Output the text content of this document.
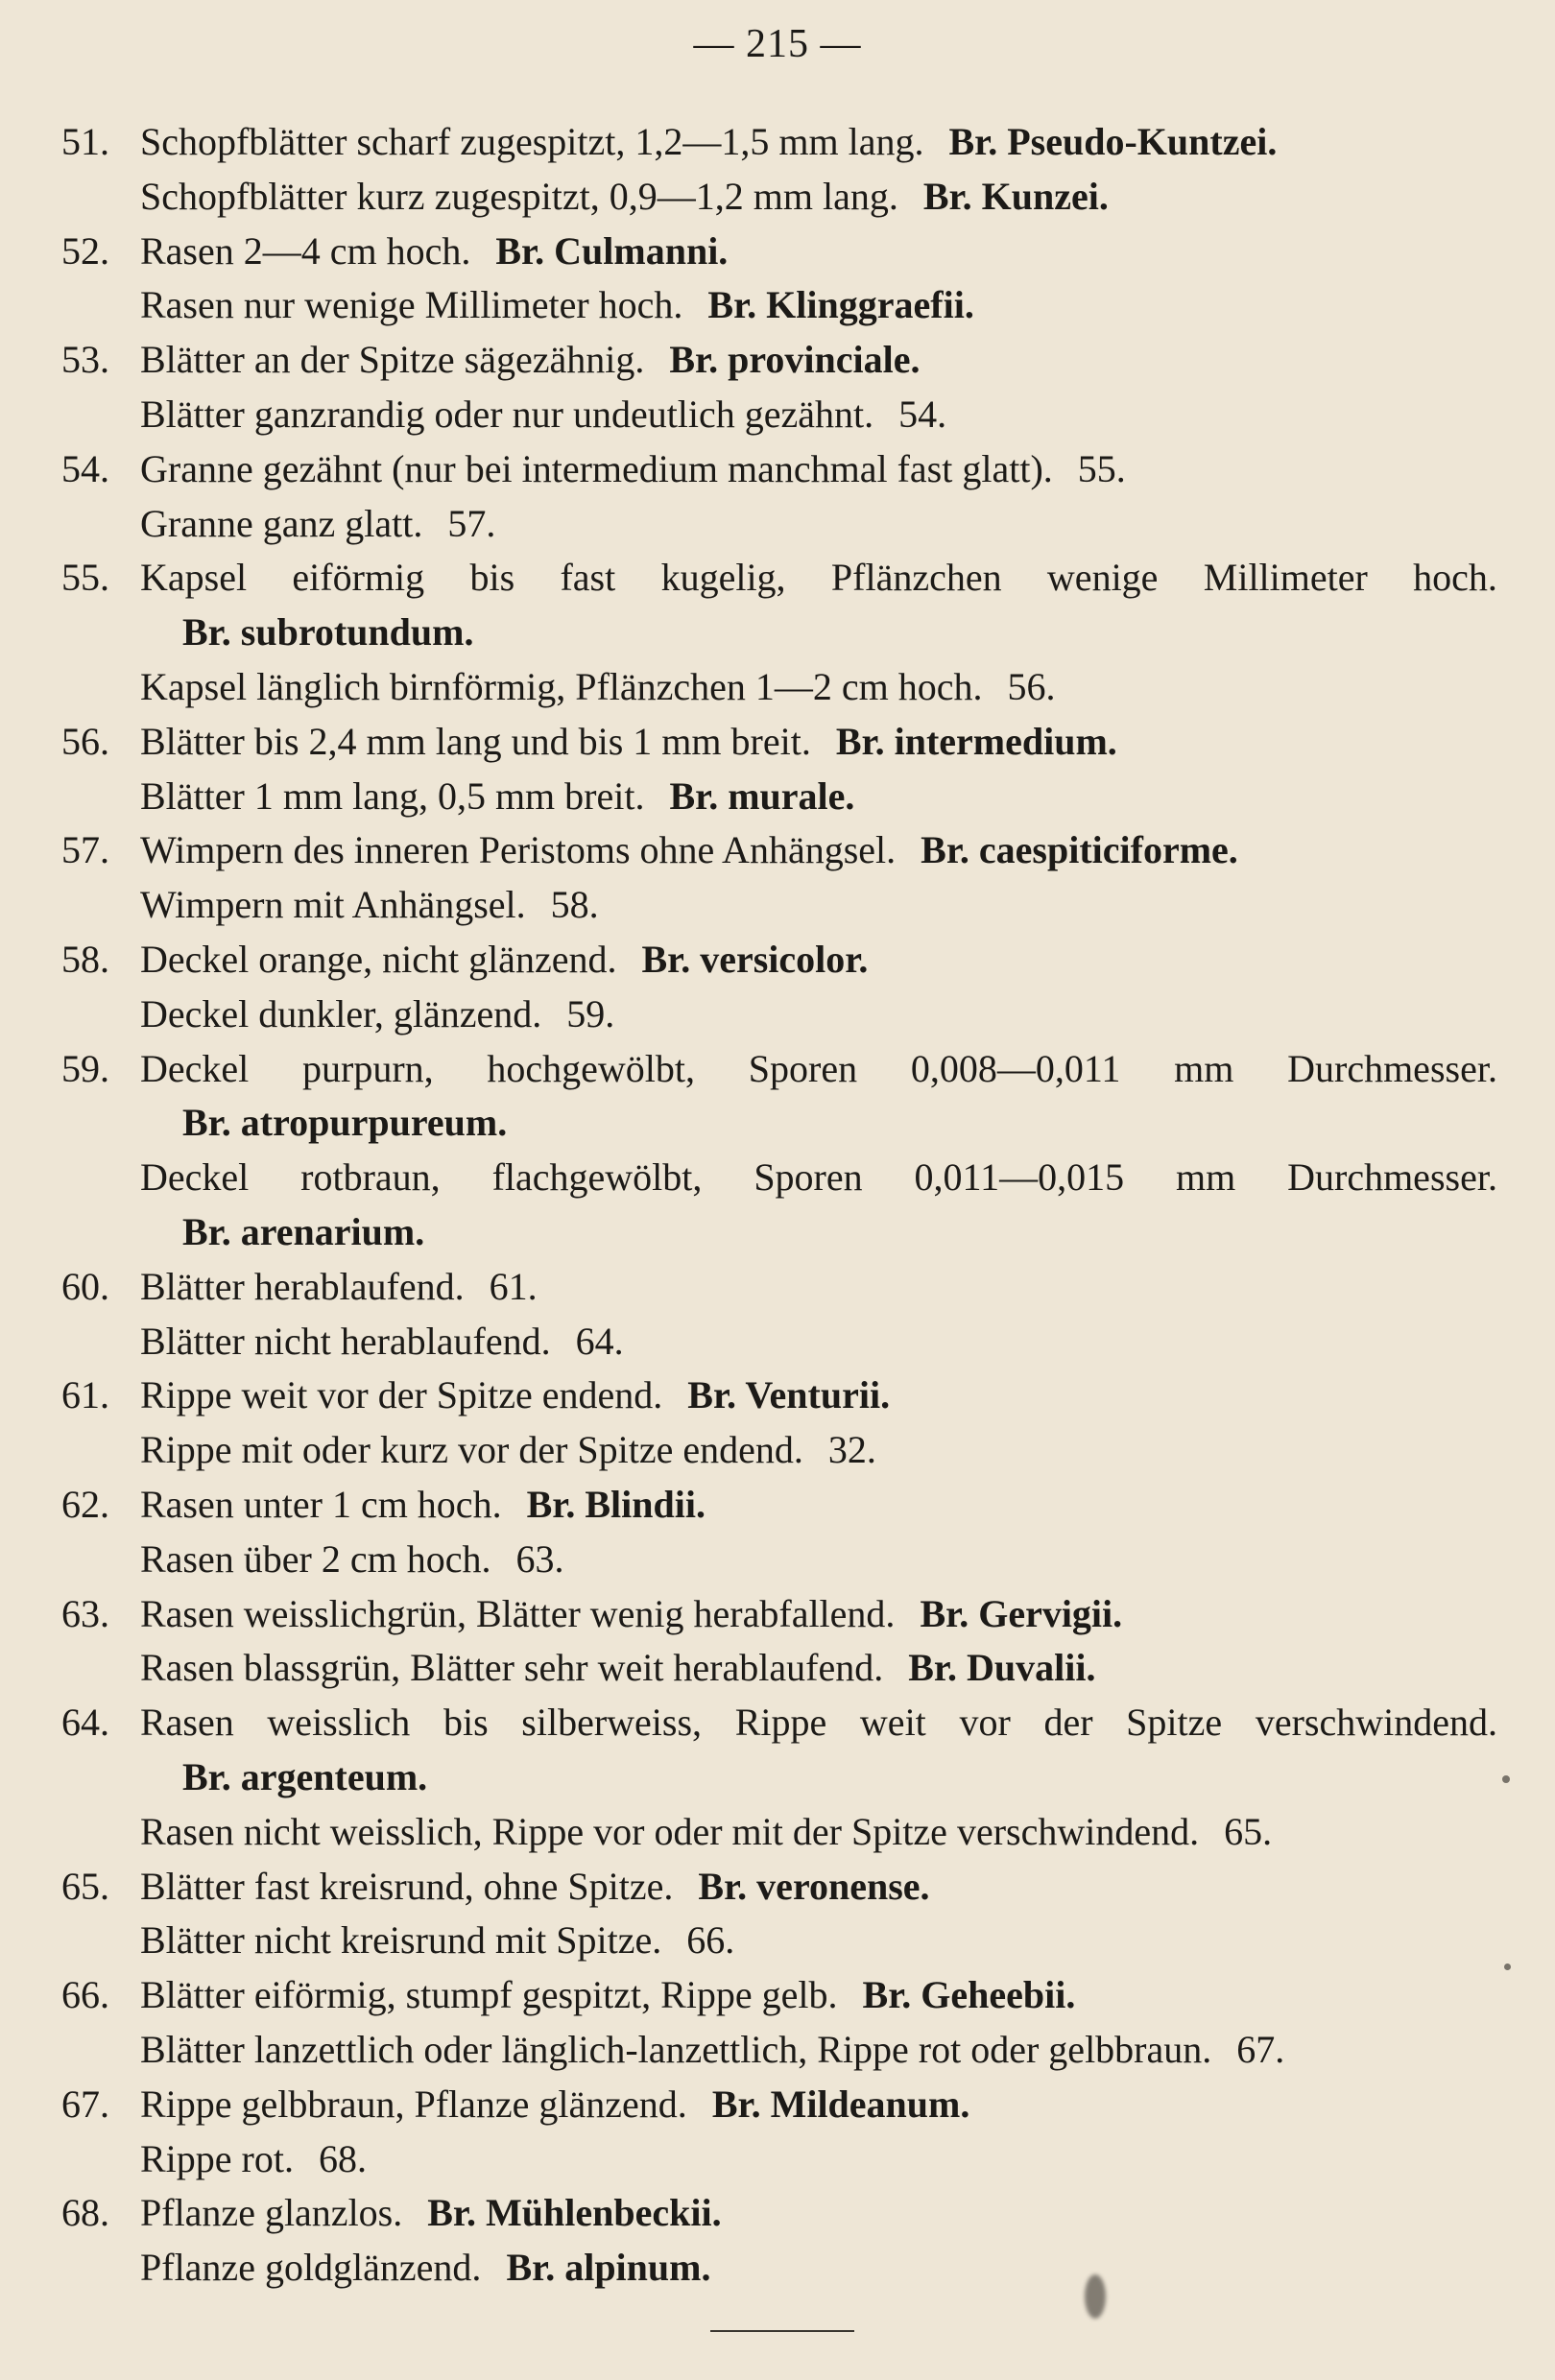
— 215 —
51. Schopfblätter scharf zugespitzt, 1,2—1,5 mm lang. Br. Pseudo-Kuntzei.
Schopfblätter kurz zugespitzt, 0,9—1,2 mm lang. Br. Kunzei.
52. Rasen 2—4 cm hoch. Br. Culmanni.
Rasen nur wenige Millimeter hoch. Br. Klinggraefii.
53. Blätter an der Spitze sägezähnig. Br. provinciale.
Blätter ganzrandig oder nur undeutlich gezähnt. 54.
54. Granne gezähnt (nur bei intermedium manchmal fast glatt). 55.
Granne ganz glatt. 57.
55. Kapsel eiförmig bis fast kugelig, Pflänzchen wenige Millimeter hoch.
Br. subrotundum.
Kapsel länglich birnförmig, Pflänzchen 1—2 cm hoch. 56.
56. Blätter bis 2,4 mm lang und bis 1 mm breit. Br. intermedium.
Blätter 1 mm lang, 0,5 mm breit. Br. murale.
57. Wimpern des inneren Peristoms ohne Anhängsel. Br. caespiticiforme.
Wimpern mit Anhängsel. 58.
58. Deckel orange, nicht glänzend. Br. versicolor.
Deckel dunkler, glänzend. 59.
59. Deckel purpurn, hochgewölbt, Sporen 0,008—0,011 mm Durchmesser.
Br. atropurpureum.
Deckel rotbraun, flachgewölbt, Sporen 0,011—0,015 mm Durchmesser.
Br. arenarium.
60. Blätter herablaufend. 61.
Blätter nicht herablaufend. 64.
61. Rippe weit vor der Spitze endend. Br. Venturii.
Rippe mit oder kurz vor der Spitze endend. 32.
62. Rasen unter 1 cm hoch. Br. Blindii.
Rasen über 2 cm hoch. 63.
63. Rasen weisslichgrün, Blätter wenig herabfallend. Br. Gervigii.
Rasen blassgrün, Blätter sehr weit herablaufend. Br. Duvalii.
64. Rasen weisslich bis silberweiss, Rippe weit vor der Spitze verschwindend.
Br. argenteum.
Rasen nicht weisslich, Rippe vor oder mit der Spitze verschwindend. 65.
65. Blätter fast kreisrund, ohne Spitze. Br. veronense.
Blätter nicht kreisrund mit Spitze. 66.
66. Blätter eiförmig, stumpf gespitzt, Rippe gelb. Br. Geheebii.
Blätter lanzettlich oder länglich-lanzettlich, Rippe rot oder gelbbraun. 67.
67. Rippe gelbbraun, Pflanze glänzend. Br. Mildeanum.
Rippe rot. 68.
68. Pflanze glanzlos. Br. Mühlenbeckii.
Pflanze goldglänzend. Br. alpinum.
